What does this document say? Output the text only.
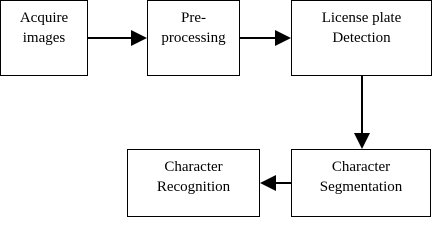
Acquire
images
Pre-
processing
License plate
Detection
Character
Segmentation
Character
Recognition
